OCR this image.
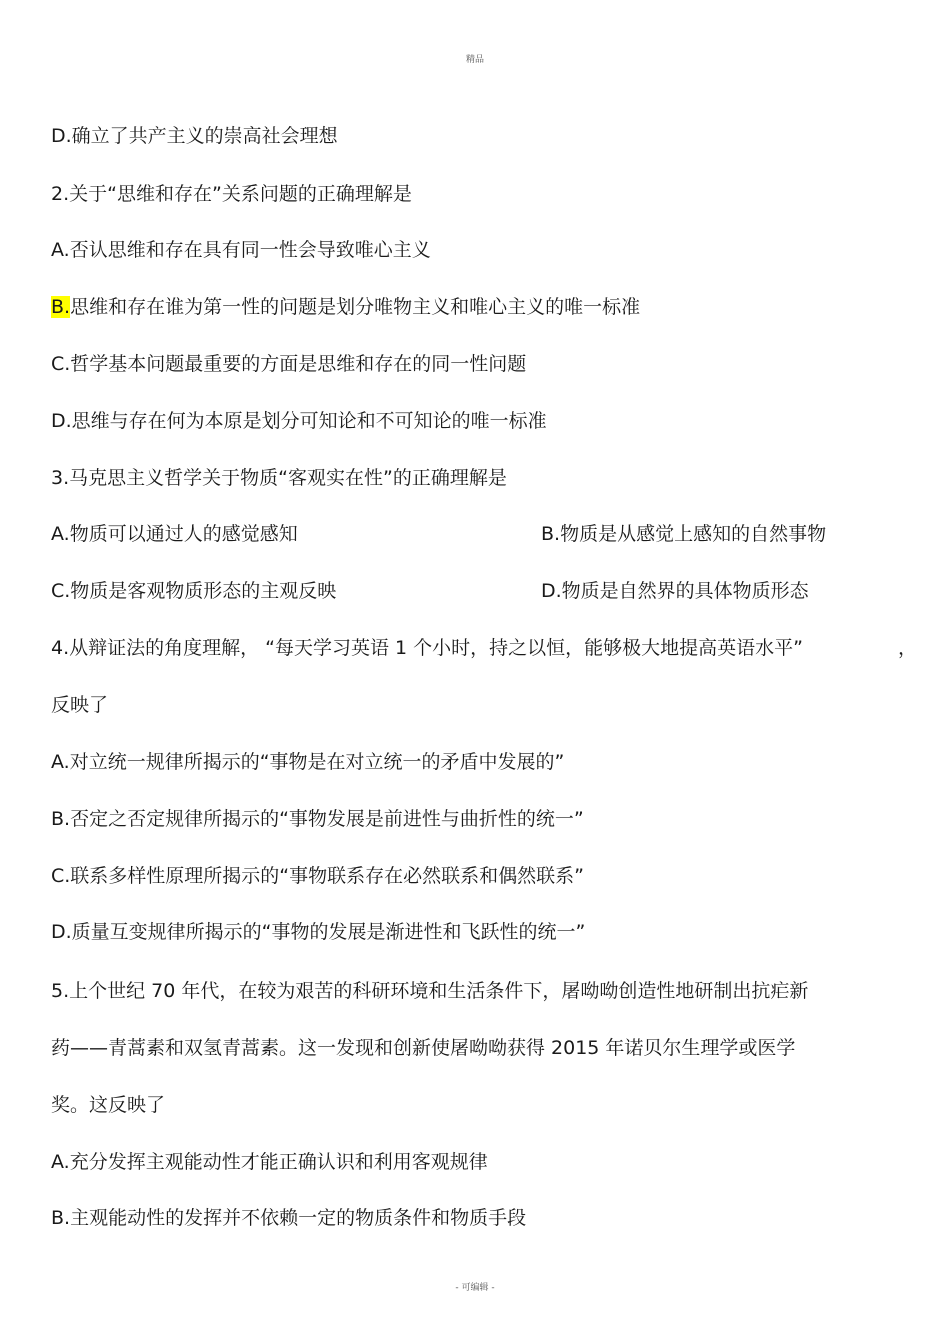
精品
D.确立了共产主义的崇高社会理想
2.关于“思维和存在”关系问题的正确理解是
A.否认思维和存在具有同一性会导致唯心主义
B.思维和存在谁为第一性的问题是划分唯物主义和唯心主义的唯一标准
C.哲学基本问题最重要的方面是思维和存在的同一性问题
D.思维与存在何为本原是划分可知论和不可知论的唯一标准
3.马克思主义哲学关于物质“客观实在性”的正确理解是
A.物质可以通过人的感觉感知	B.物质是从感觉上感知的自然事物
C.物质是客观物质形态的主观反映	D.物质是自然界的具体物质形态
4.从辩证法的角度理解， “每天学习英语 1 个小时，持之以恒，能够极大地提高英语水平”	，
反映了
A.对立统一规律所揭示的“事物是在对立统一的矛盾中发展的”
B.否定之否定规律所揭示的“事物发展是前进性与曲折性的统一”
C.联系多样性原理所揭示的“事物联系存在必然联系和偶然联系”
D.质量互变规律所揭示的“事物的发展是渐进性和飞跃性的统一”
5.上个世纪 70 年代，在较为艰苦的科研环境和生活条件下，屠呦呦创造性地研制出抗疟新
药——青蒿素和双氢青蒿素。这一发现和创新使屠呦呦获得 2015 年诺贝尔生理学或医学
奖。这反映了
A.充分发挥主观能动性才能正确认识和利用客观规律
B.主观能动性的发挥并不依赖一定的物质条件和物质手段
- 可编辑 -
